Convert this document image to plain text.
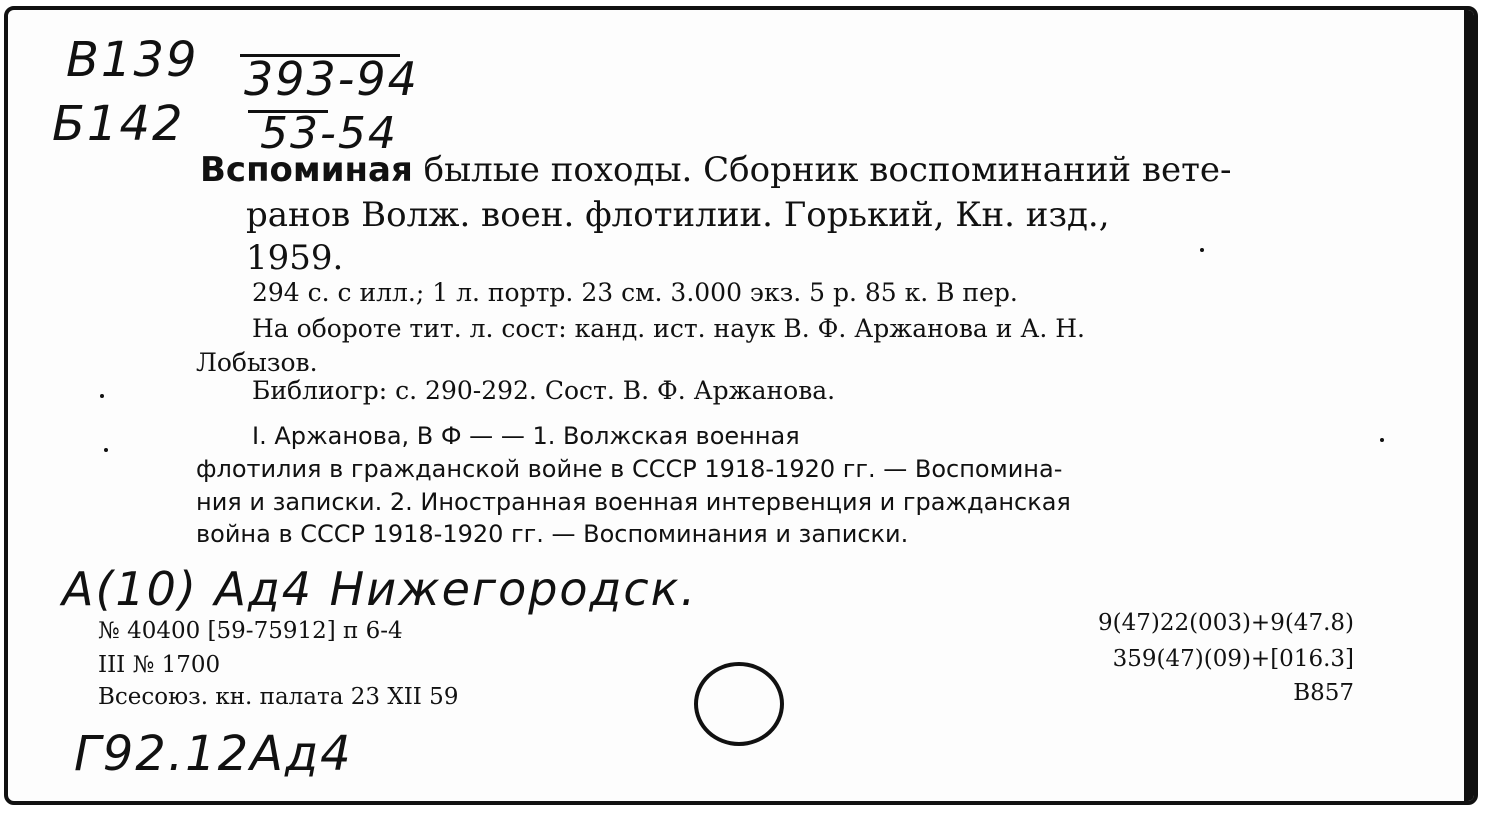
В139
Б142
393-94
53-54
Вспоминая былые походы. Сборник воспоминаний вете-
ранов Волж. воен. флотилии. Горький, Кн. изд.,
1959.
294 с. с илл.; 1 л. портр. 23 см. 3.000 экз. 5 р. 85 к. В пер.
На обороте тит. л. сост: канд. ист. наук В. Ф. Аржанова и А. Н.
Лобызов.
Библиогр: с. 290-292. Сост. В. Ф. Аржанова.
I. Аржанова, В Ф — — 1. Волжская военная
флотилия в гражданской войне в СССР 1918-1920 гг. — Воспомина-
ния и записки. 2. Иностранная военная интервенция и гражданская
война в СССР 1918-1920 гг. — Воспоминания и записки.
A(10) Ад4 Нижегородск.
№ 40400 [59-75912] п 6-4
III № 1700
Всесоюз. кн. палата 23 XII 59
9(47)22(003)+9(47.8)
359(47)(09)+[016.3]
В857
Г92.12Ад4
